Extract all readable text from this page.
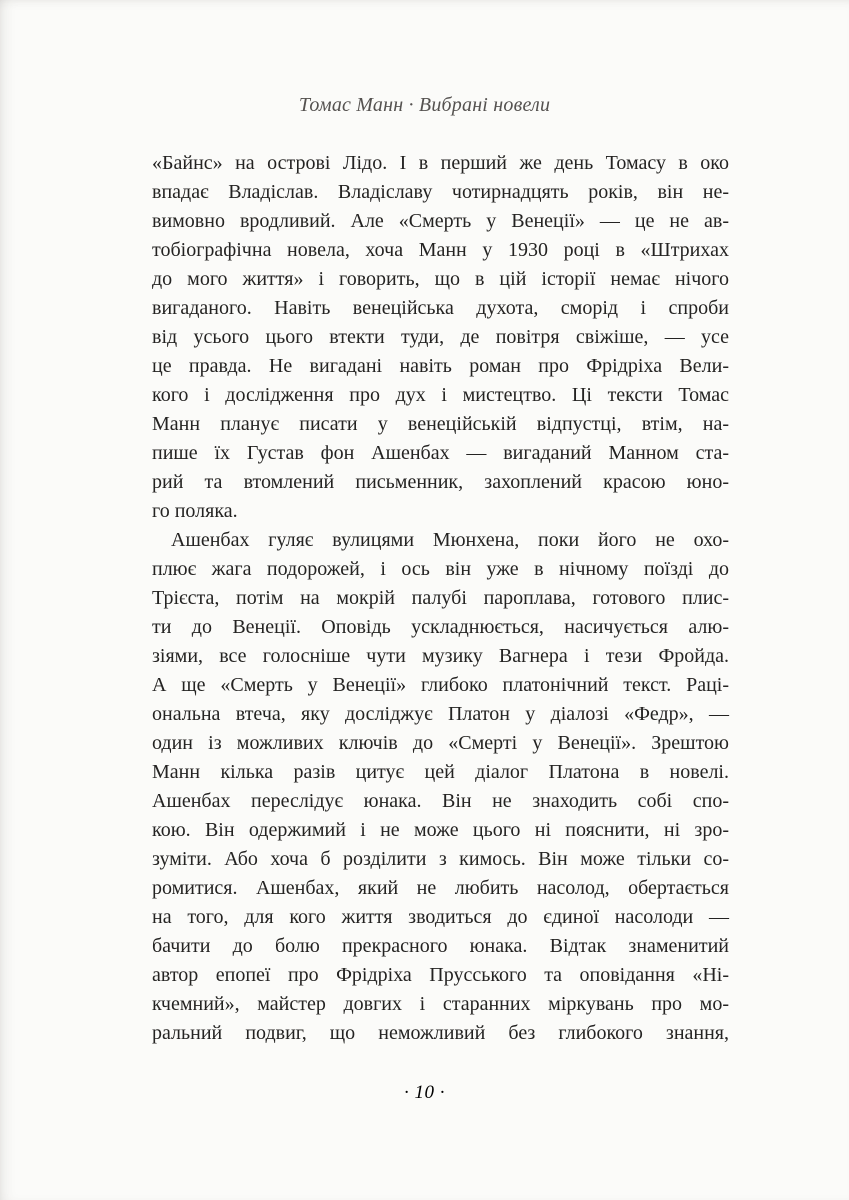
Томас Манн · Вибрані новели
«Байнс» на острові Лідо. І в перший же день Томасу в око
впадає Владіслав. Владіславу чотирнадцять років, він не-
вимовно вродливий. Але «Смерть у Венеції» — це не ав-
тобіографічна новела, хоча Манн у 1930 році в «Штрихах
до мого життя» і говорить, що в цій історії немає нічого
вигаданого. Навіть венеційська духота, сморід і спроби
від усього цього втекти туди, де повітря свіжіше, — усе
це правда. Не вигадані навіть роман про Фрідріха Вели-
кого і дослідження про дух і мистецтво. Ці тексти Томас
Манн планує писати у венеційській відпустці, втім, на-
пише їх Густав фон Ашенбах — вигаданий Манном ста-
рий та втомлений письменник, захоплений красою юно-
го поляка.
Ашенбах гуляє вулицями Мюнхена, поки його не охо-
плює жага подорожей, і ось він уже в нічному поїзді до
Трієста, потім на мокрій палубі пароплава, готового плис-
ти до Венеції. Оповідь ускладнюється, насичується алю-
зіями, все голосніше чути музику Вагнера і тези Фройда.
А ще «Смерть у Венеції» глибоко платонічний текст. Раці-
ональна втеча, яку досліджує Платон у діалозі «Федр», —
один із можливих ключів до «Смерті у Венеції». Зрештою
Манн кілька разів цитує цей діалог Платона в новелі.
Ашенбах переслідує юнака. Він не знаходить собі спо-
кою. Він одержимий і не може цього ні пояснити, ні зро-
зуміти. Або хоча б розділити з кимось. Він може тільки со-
ромитися. Ашенбах, який не любить насолод, обертається
на того, для кого життя зводиться до єдиної насолоди —
бачити до болю прекрасного юнака. Відтак знаменитий
автор епопеї про Фрідріха Прусського та оповідання «Ні-
кчемний», майстер довгих і старанних міркувань про мо-
ральний подвиг, що неможливий без глибокого знання,
· 10 ·
